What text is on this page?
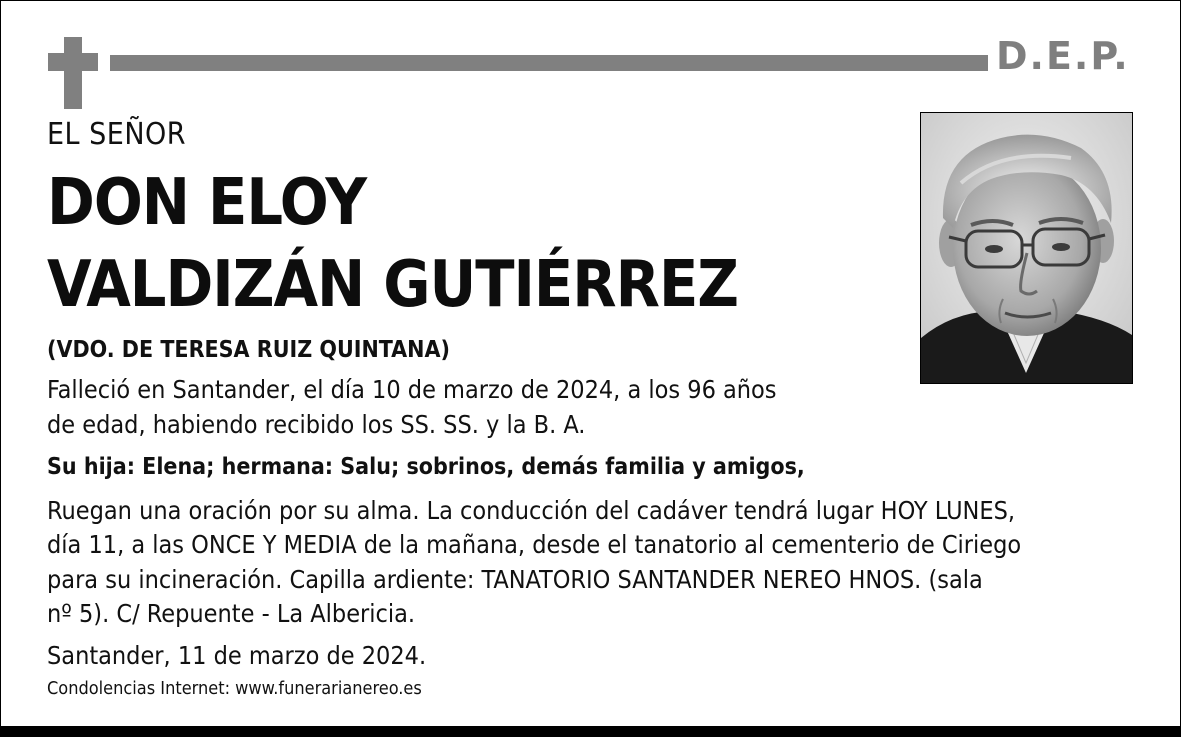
D.E.P.
EL SEÑOR
DON ELOY
VALDIZÁN GUTIÉRREZ
(VDO. DE TERESA RUIZ QUINTANA)
Falleció en Santander, el día 10 de marzo de 2024, a los 96 años
de edad, habiendo recibido los SS. SS. y la B. A.
Su hija: Elena; hermana: Salu; sobrinos, demás familia y amigos,
Ruegan una oración por su alma. La conducción del cadáver tendrá lugar HOY LUNES,
día 11, a las ONCE Y MEDIA de la mañana, desde el tanatorio al cementerio de Ciriego
para su incineración. Capilla ardiente: TANATORIO SANTANDER NEREO HNOS. (sala
nº 5). C/ Repuente - La Albericia.
Santander, 11 de marzo de 2024.
Condolencias Internet: www.funerarianereo.es
